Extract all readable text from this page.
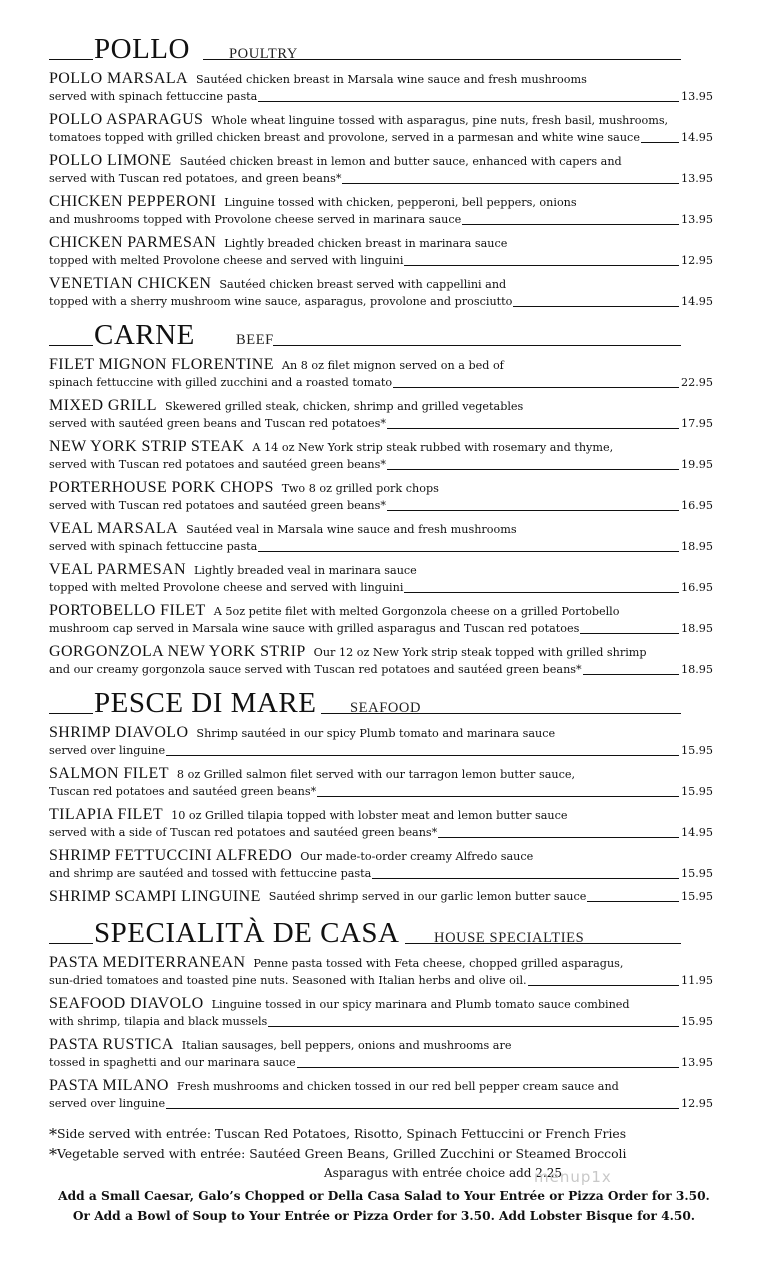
POLLO	POULTRY
POLLO MARSALA Sautéed chicken breast in Marsala wine sauce and fresh mushrooms
served with spinach fettuccine pasta	13.95
POLLO ASPARAGUS Whole wheat linguine tossed with asparagus, pine nuts, fresh basil, mushrooms,
tomatoes topped with grilled chicken breast and provolone, served in a parmesan and white wine sauce	14.95
POLLO LIMONE Sautéed chicken breast in lemon and butter sauce, enhanced with capers and
served with Tuscan red potatoes, and green beans*	13.95
CHICKEN PEPPERONI Linguine tossed with chicken, pepperoni, bell peppers, onions
and mushrooms topped with Provolone cheese served in marinara sauce	13.95
CHICKEN PARMESAN Lightly breaded chicken breast in marinara sauce
topped with melted Provolone cheese and served with linguini	12.95
VENETIAN CHICKEN Sautéed chicken breast served with cappellini and
topped with a sherry mushroom wine sauce, asparagus, provolone and prosciutto	14.95
CARNE	BEEF
FILET MIGNON FLORENTINE An 8 oz filet mignon served on a bed of
spinach fettuccine with gilled zucchini and a roasted tomato	22.95
MIXED GRILL Skewered grilled steak, chicken, shrimp and grilled vegetables
served with sautéed green beans and Tuscan red potatoes*	17.95
NEW YORK STRIP STEAK A 14 oz New York strip steak rubbed with rosemary and thyme,
served with Tuscan red potatoes and sautéed green beans*	19.95
PORTERHOUSE PORK CHOPS Two 8 oz grilled pork chops
served with Tuscan red potatoes and sautéed green beans*	16.95
VEAL MARSALA Sautéed veal in Marsala wine sauce and fresh mushrooms
served with spinach fettuccine pasta	18.95
VEAL PARMESAN Lightly breaded veal in marinara sauce
topped with melted Provolone cheese and served with linguini	16.95
PORTOBELLO FILET A 5oz petite filet with melted Gorgonzola cheese on a grilled Portobello
mushroom cap served in Marsala wine sauce with grilled asparagus and Tuscan red potatoes	18.95
GORGONZOLA NEW YORK STRIP Our 12 oz New York strip steak topped with grilled shrimp
and our creamy gorgonzola sauce served with Tuscan red potatoes and sautéed green beans*	18.95
PESCE DI MARE SEAFOOD
SHRIMP DIAVOLO Shrimp sautéed in our spicy Plumb tomato and marinara sauce
served over linguine	15.95
SALMON FILET 8 oz Grilled salmon filet served with our tarragon lemon butter sauce,
Tuscan red potatoes and sautéed green beans*	15.95
TILAPIA FILET 10 oz Grilled tilapia topped with lobster meat and lemon butter sauce
served with a side of Tuscan red potatoes and sautéed green beans*	14.95
SHRIMP FETTUCCINI ALFREDO Our made-to-order creamy Alfredo sauce
and shrimp are sautéed and tossed with fettuccine pasta	15.95
SHRIMP SCAMPI LINGUINE Sautéed shrimp served in our garlic lemon butter sauce	15.95
SPECIALITÀ DE CASA HOUSE SPECIALTIES
PASTA MEDITERRANEAN Penne pasta tossed with Feta cheese, chopped grilled asparagus,
sun-dried tomatoes and toasted pine nuts. Seasoned with Italian herbs and olive oil.	11.95
SEAFOOD DIAVOLO Linguine tossed in our spicy marinara and Plumb tomato sauce combined
with shrimp, tilapia and black mussels	15.95
PASTA RUSTICA Italian sausages, bell peppers, onions and mushrooms are
tossed in spaghetti and our marinara sauce	13.95
PASTA MILANO Fresh mushrooms and chicken tossed in our red bell pepper cream sauce and
served over linguine	12.95
*Side served with entrée: Tuscan Red Potatoes, Risotto, Spinach Fettuccini or French Fries
*Vegetable served with entrée: Sautéed Green Beans, Grilled Zucchini or Steamed Broccoli
Asparagus with entrée choice add 2.25
menup1x
Add a Small Caesar, Galo’s Chopped or Della Casa Salad to Your Entrée or Pizza Order for 3.50.
Or Add a Bowl of Soup to Your Entrée or Pizza Order for 3.50. Add Lobster Bisque for 4.50.
